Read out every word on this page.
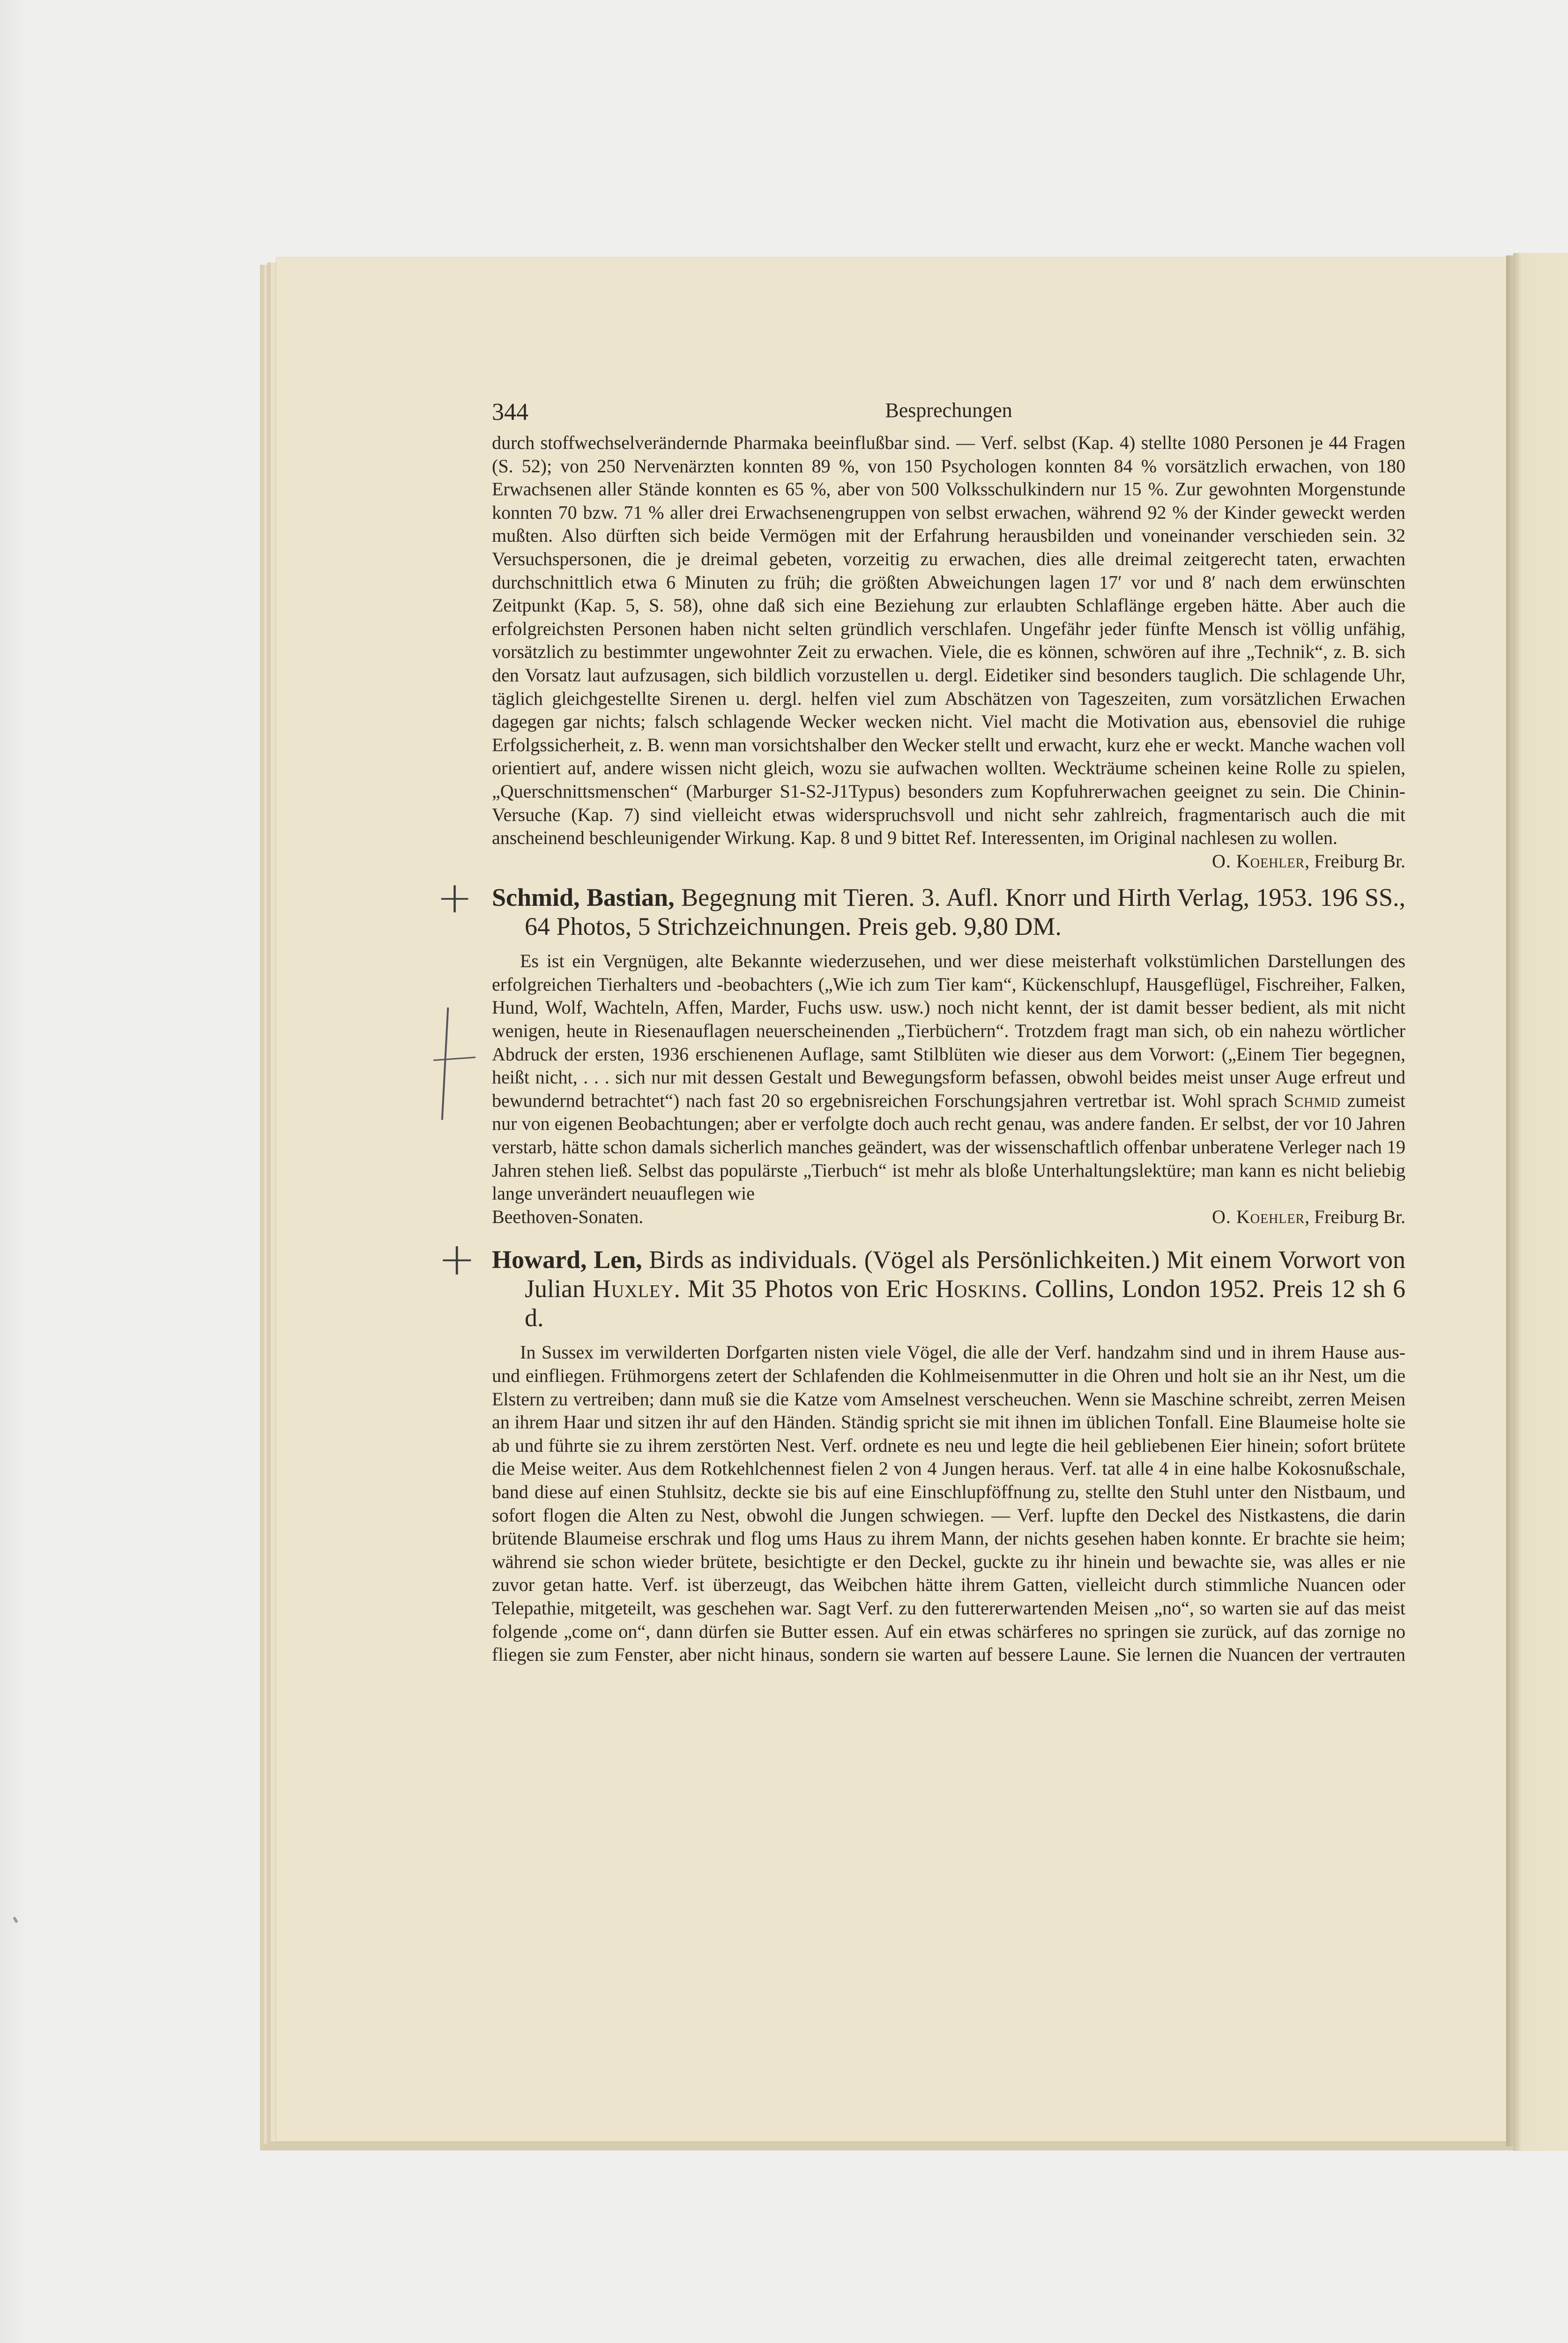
344	Besprechungen

durch stoffwechselverändernde Pharmaka beeinflußbar sind. — Verf. selbst (Kap. 4) stellte 1080 Personen je 44 Fragen (S. 52); von 250 Nervenärzten konnten 89 %, von 150 Psychologen konnten 84 % vorsätzlich erwachen, von 180 Erwachsenen aller Stände konnten es 65 %, aber von 500 Volksschulkindern nur 15 %. Zur gewohnten Morgenstunde konnten 70 bzw. 71 % aller drei Erwachsenengruppen von selbst erwachen, während 92 % der Kinder geweckt werden mußten. Also dürften sich beide Vermögen mit der Erfahrung herausbilden und voneinander verschieden sein. 32 Versuchspersonen, die je dreimal gebeten, vorzeitig zu erwachen, dies alle dreimal zeitgerecht taten, erwachten durchschnittlich etwa 6 Minuten zu früh; die größten Abweichungen lagen 17′ vor und 8′ nach dem erwünschten Zeitpunkt (Kap. 5, S. 58), ohne daß sich eine Beziehung zur erlaubten Schlaflänge ergeben hätte. Aber auch die erfolgreichsten Personen haben nicht selten gründlich verschlafen. Ungefähr jeder fünfte Mensch ist völlig unfähig, vorsätzlich zu bestimmter ungewohnter Zeit zu erwachen. Viele, die es können, schwören auf ihre „Technik“, z. B. sich den Vorsatz laut aufzusagen, sich bildlich vorzustellen u. dergl. Eidetiker sind besonders tauglich. Die schlagende Uhr, täglich gleichgestellte Sirenen u. dergl. helfen viel zum Abschätzen von Tageszeiten, zum vorsätzlichen Erwachen dagegen gar nichts; falsch schlagende Wecker wecken nicht. Viel macht die Motivation aus, ebensoviel die ruhige Erfolgssicherheit, z. B. wenn man vorsichtshalber den Wecker stellt und erwacht, kurz ehe er weckt. Manche wachen voll orientiert auf, andere wissen nicht gleich, wozu sie aufwachen wollten. Weckträume scheinen keine Rolle zu spielen, „Querschnittsmenschen“ (Marburger S1-S2-J1Typus) besonders zum Kopfuhrerwachen geeignet zu sein. Die Chinin-Versuche (Kap. 7) sind vielleicht etwas widerspruchsvoll und nicht sehr zahlreich, fragmentarisch auch die mit anscheinend beschleunigender Wirkung. Kap. 8 und 9 bittet Ref. Interessenten, im Original nachlesen zu wollen.

O. Koehler, Freiburg Br.

+ Schmid, Bastian, Begegnung mit Tieren. 3. Aufl. Knorr und Hirth Verlag, 1953. 196 SS., 64 Photos, 5 Strichzeichnungen. Preis geb. 9,80 DM.

Es ist ein Vergnügen, alte Bekannte wiederzusehen, und wer diese meisterhaft volkstümlichen Darstellungen des erfolgreichen Tierhalters und -beobachters („Wie ich zum Tier kam“, Kückenschlupf, Hausgeflügel, Fischreiher, Falken, Hund, Wolf, Wachteln, Affen, Marder, Fuchs usw. usw.) noch nicht kennt, der ist damit besser bedient, als mit nicht wenigen, heute in Riesenauflagen neuerscheinenden „Tierbüchern“. Trotzdem fragt man sich, ob ein nahezu wörtlicher Abdruck der ersten, 1936 erschienenen Auflage, samt Stilblüten wie dieser aus dem Vorwort: („Einem Tier begegnen, heißt nicht, . . . sich nur mit dessen Gestalt und Bewegungsform befassen, obwohl beides meist unser Auge erfreut und bewundernd betrachtet“) nach fast 20 so ergebnisreichen Forschungsjahren vertretbar ist. Wohl sprach Schmid zumeist nur von eigenen Beobachtungen; aber er verfolgte doch auch recht genau, was andere fanden. Er selbst, der vor 10 Jahren verstarb, hätte schon damals sicherlich manches geändert, was der wissenschaftlich offenbar unberatene Verleger nach 19 Jahren stehen ließ. Selbst das populärste „Tierbuch“ ist mehr als bloße Unterhaltungslektüre; man kann es nicht beliebig lange unverändert neuauflegen wie

Beethoven-Sonaten.	O. Koehler, Freiburg Br.
+ Howard, Len, Birds as individuals. (Vögel als Persönlichkeiten.) Mit einem Vorwort von Julian Huxley. Mit 35 Photos von Eric Hoskins. Collins, London 1952. Preis 12 sh 6 d.

In Sussex im verwilderten Dorfgarten nisten viele Vögel, die alle der Verf. handzahm sind und in ihrem Hause aus- und einfliegen. Frühmorgens zetert der Schlafenden die Kohlmeisenmutter in die Ohren und holt sie an ihr Nest, um die Elstern zu vertreiben; dann muß sie die Katze vom Amselnest verscheuchen. Wenn sie Maschine schreibt, zerren Meisen an ihrem Haar und sitzen ihr auf den Händen. Ständig spricht sie mit ihnen im üblichen Tonfall. Eine Blaumeise holte sie ab und führte sie zu ihrem zerstörten Nest. Verf. ordnete es neu und legte die heil gebliebenen Eier hinein; sofort brütete die Meise weiter. Aus dem Rotkehlchennest fielen 2 von 4 Jungen heraus. Verf. tat alle 4 in eine halbe Kokosnußschale, band diese auf einen Stuhlsitz, deckte sie bis auf eine Einschlupföffnung zu, stellte den Stuhl unter den Nistbaum, und sofort flogen die Alten zu Nest, obwohl die Jungen schwiegen. — Verf. lupfte den Deckel des Nistkastens, die darin brütende Blaumeise erschrak und flog ums Haus zu ihrem Mann, der nichts gesehen haben konnte. Er brachte sie heim; während sie schon wieder brütete, besichtigte er den Deckel, guckte zu ihr hinein und bewachte sie, was alles er nie zuvor getan hatte. Verf. ist überzeugt, das Weibchen hätte ihrem Gatten, vielleicht durch stimmliche Nuancen oder Telepathie, mitgeteilt, was geschehen war. Sagt Verf. zu den futtererwartenden Meisen „no“, so warten sie auf das meist folgende „come on“, dann dürfen sie Butter essen. Auf ein etwas schärferes no springen sie zurück, auf das zornige no fliegen sie zum Fenster, aber nicht hinaus, sondern sie warten auf bessere Laune. Sie lernen die Nuancen der vertrauten
